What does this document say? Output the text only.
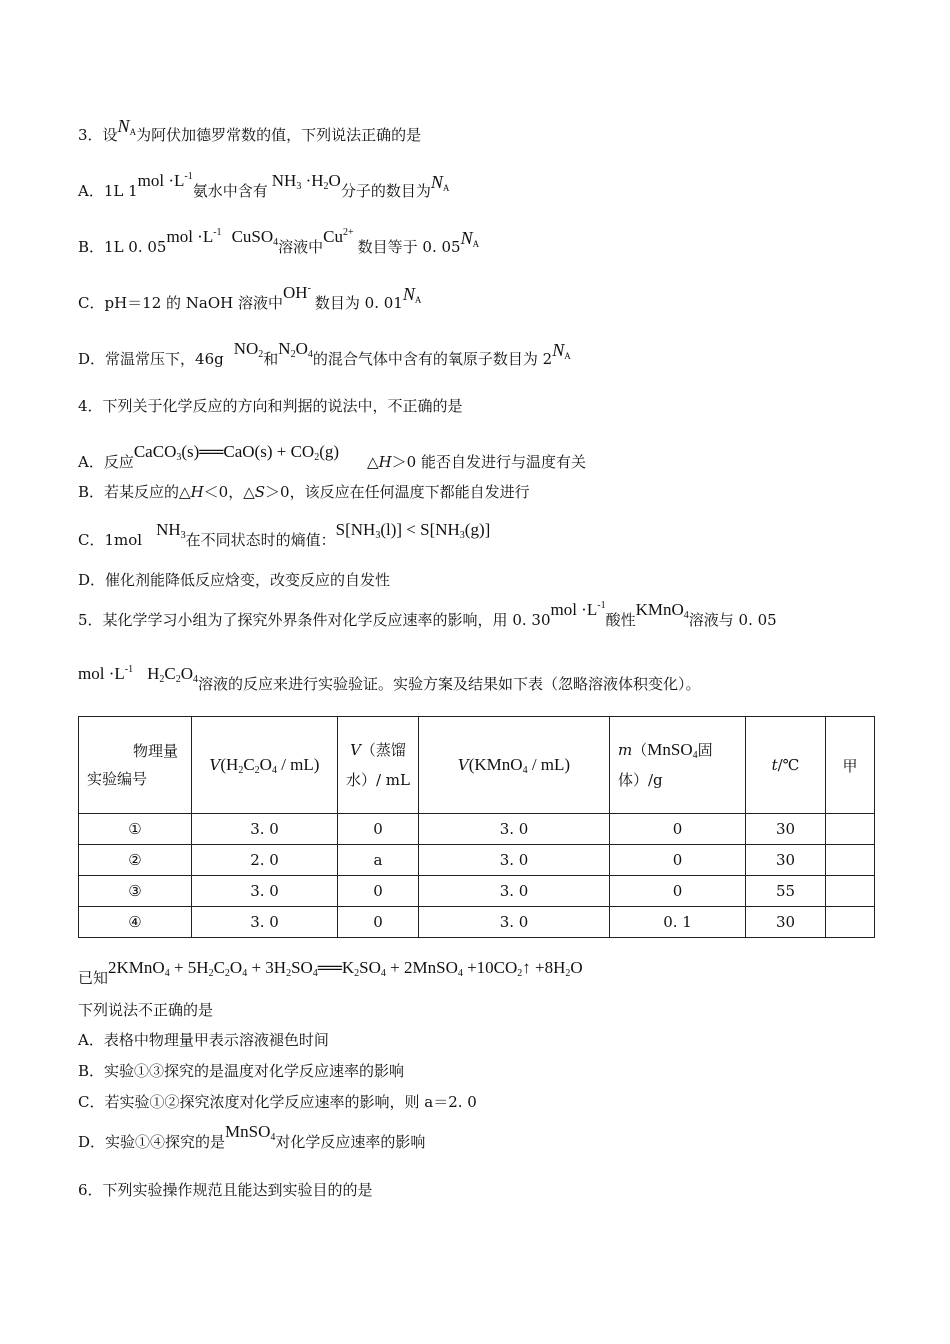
3．设$N_A$为阿伏加德罗常数的值，下列说法正确的是
A．1L $1mol \cdot L^{-1}$氨水中含有$NH_3 \cdot H_2O$分子的数目为$N_A$
B．1L 0. $05mol \cdot L^{-1}$ CuSO$_4$溶液中$Cu^{2+}$数目等于 0. $05N_A$
C．pH＝12 的 NaOH 溶液中OH-数目为 0. $01N_A$
D．常温常压下，46gNO$_2$和$N_2O_4$的混合气体中含有的氧原子数目为 $2N_A$
4．下列关于化学反应的方向和判据的说法中，不正确的是
A．反应CaCO$_3$(s)══CaO(s) + $CO_2(g)\triangle H>0$ 能否自发进行与温度有关
B．若某反应的△H＜0，△S＞0，该反应在任何温度下都能自发进行
C．1molNH$_3$在不同状态时的熵值：$S[NH_3(l)] < S[NH_3(g)]$
D．催化剂能降低反应焓变，改变反应的自发性
5．某化学学习小组为了探究外界条件对化学反应速率的影响，用 0. $30mol \cdot L^{-1}$酸性KMnO$_4$溶液与 0. 05
mol $\cdot L^{-1}$ $H_2C_2O_4$溶液的反应来进行实验验证。实验方案及结果如下表（忽略溶液体积变化）。
物理量
实验编号	$V(H_2C_2O_4 / mL)$	V（蒸馏水）/ mL	V(KMnO$_4$ / mL)	m（MnSO$_4$固体）/g	t/℃	甲
①	3. 0	0	3. 0	0	30	
②	2. 0	a	3. 0	0	30	
③	3. 0	0	3. 0	0	55	
④	3. 0	0	3. 0	0. 1	30	
已知2KMnO$_4$ + $5H_2C_2O_4$ + $3H_2SO_4══K_2SO_4$ + 2MnSO$_4$ $+10CO_2↑ +8H_2O$
下列说法不正确的是
A．表格中物理量甲表示溶液褪色时间
B．实验①③探究的是温度对化学反应速率的影响
C．若实验①②探究浓度对化学反应速率的影响，则 a＝2. 0
D．实验①④探究的是MnSO$_4$对化学反应速率的影响
6．下列实验操作规范且能达到实验目的的是
